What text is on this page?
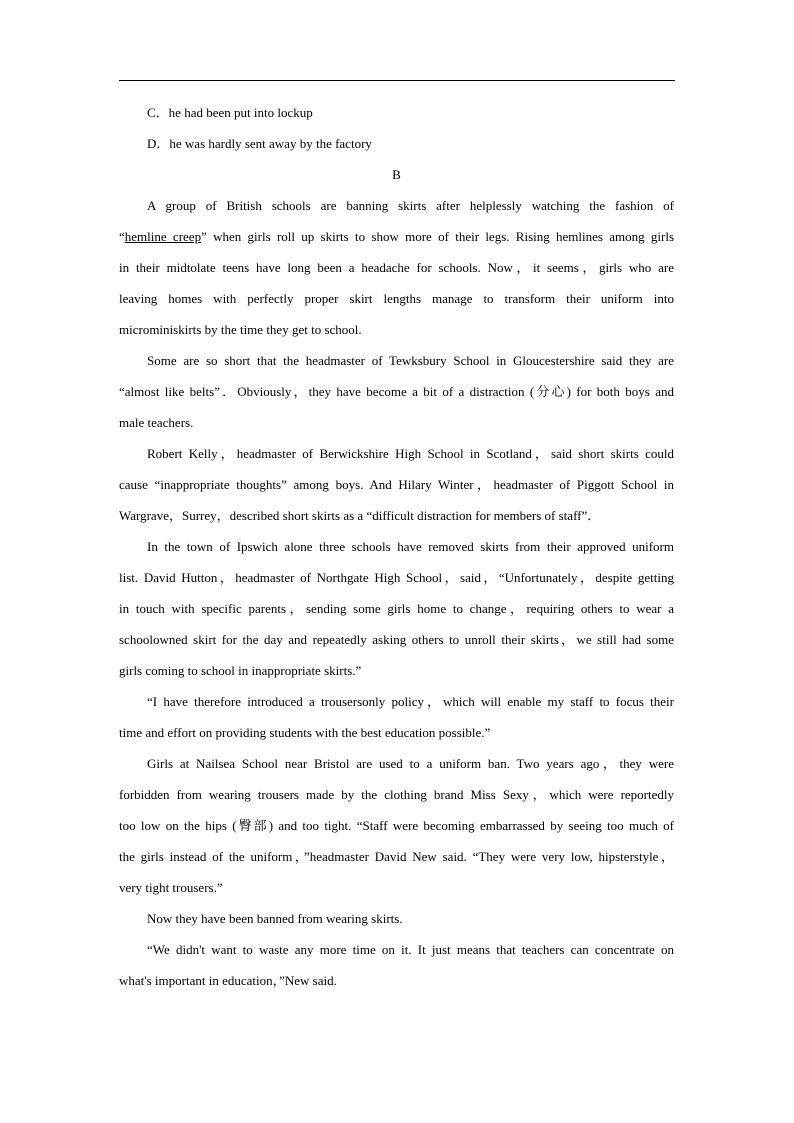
C．he had been put into lockup
D．he was hardly sent away by the factory
B
A group of British schools are banning skirts after helplessly watching the fashion of
“hemline creep” when girls roll up skirts to show more of their legs. Rising hemlines among girls
in their midtolate teens have long been a headache for schools. Now，it seems，girls who are
leaving homes with perfectly proper skirt lengths manage to transform their uniform into
microminiskirts by the time they get to school.
Some are so short that the headmaster of Tewksbury School in Gloucestershire said they are
“almost like belts”．Obviously，they have become a bit of a distraction (分心) for both boys and
male teachers.
Robert Kelly，headmaster of Berwickshire High School in Scotland，said short skirts could
cause “inappropriate thoughts” among boys. And Hilary Winter，headmaster of Piggott School in
Wargrave，Surrey，described short skirts as a “difficult distraction for members of staff”．
In the town of Ipswich alone three schools have removed skirts from their approved uniform
list. David Hutton，headmaster of Northgate High School，said，“Unfortunately，despite getting
in touch with specific parents，sending some girls home to change，requiring others to wear a
schoolowned skirt for the day and repeatedly asking others to unroll their skirts，we still had some
girls coming to school in inappropriate skirts.”
“I have therefore introduced a trousersonly policy，which will enable my staff to focus their
time and effort on providing students with the best education possible.”
Girls at Nailsea School near Bristol are used to a uniform ban. Two years ago，they were
forbidden from wearing trousers made by the clothing brand Miss Sexy，which were reportedly
too low on the hips (臀部) and too tight. “Staff were becoming embarrassed by seeing too much of
the girls instead of the uniform，”headmaster David New said. “They were very low, hipsterstyle，
very tight trousers.”
Now they have been banned from wearing skirts.
“We didn't want to waste any more time on it. It just means that teachers can concentrate on
what's important in education，”New said.
